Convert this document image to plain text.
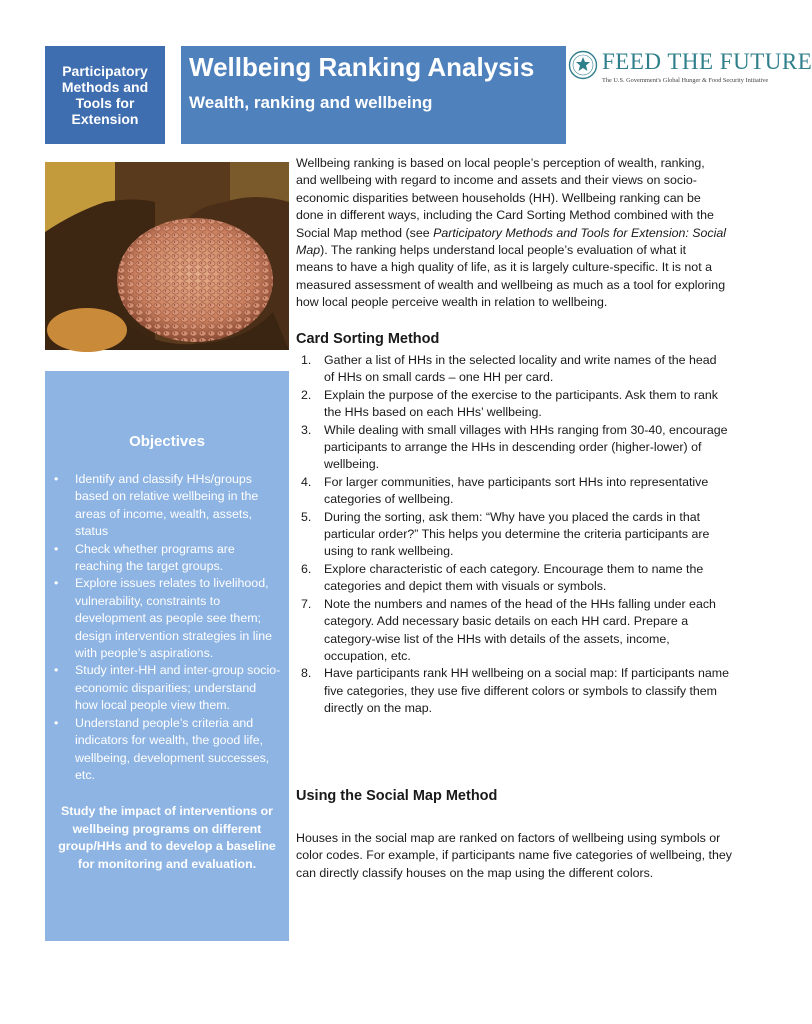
Participatory Methods and Tools for Extension
Wellbeing Ranking Analysis
Wealth, ranking and wellbeing
FEED THE FUTURE
The U.S. Government's Global Hunger & Food Security Initiative
Objectives
• Identify and classify HHs/groups based on relative wellbeing in the areas of income, wealth, assets, status
• Check whether programs are reaching the target groups.
• Explore issues relates to livelihood, vulnerability, constraints to development as people see them; design intervention strategies in line with people’s aspirations.
• Study inter-HH and inter-group socio-economic disparities; understand how local people view them.
• Understand people’s criteria and indicators for wealth, the good life, wellbeing, development successes, etc.
Study the impact of interventions or wellbeing programs on different group/HHs and to develop a baseline for monitoring and evaluation.

Wellbeing ranking is based on local people’s perception of wealth, ranking, and wellbeing with regard to income and assets and their views on socio-economic disparities between households (HH). Wellbeing ranking can be done in different ways, including the Card Sorting Method combined with the Social Map method (see Participatory Methods and Tools for Extension: Social Map). The ranking helps understand local people’s evaluation of what it means to have a high quality of life, as it is largely culture-specific. It is not a measured assessment of wealth and wellbeing as much as a tool for exploring how local people perceive wealth in relation to wellbeing.

Card Sorting Method
1. Gather a list of HHs in the selected locality and write names of the head of HHs on small cards – one HH per card.
2. Explain the purpose of the exercise to the participants. Ask them to rank the HHs based on each HHs’ wellbeing.
3. While dealing with small villages with HHs ranging from 30-40, encourage participants to arrange the HHs in descending order (higher-lower) of wellbeing.
4. For larger communities, have participants sort HHs into representative categories of wellbeing.
5. During the sorting, ask them: “Why have you placed the cards in that particular order?” This helps you determine the criteria participants are using to rank wellbeing.
6. Explore characteristic of each category. Encourage them to name the categories and depict them with visuals or symbols.
7. Note the numbers and names of the head of the HHs falling under each category. Add necessary basic details on each HH card. Prepare a category-wise list of the HHs with details of the assets, income, occupation, etc.
8. Have participants rank HH wellbeing on a social map: If participants name five categories, they use five different colors or symbols to classify them directly on the map.
Using the Social Map Method

Houses in the social map are ranked on factors of wellbeing using symbols or color codes. For example, if participants name five categories of wellbeing, they can directly classify houses on the map using the different colors.
